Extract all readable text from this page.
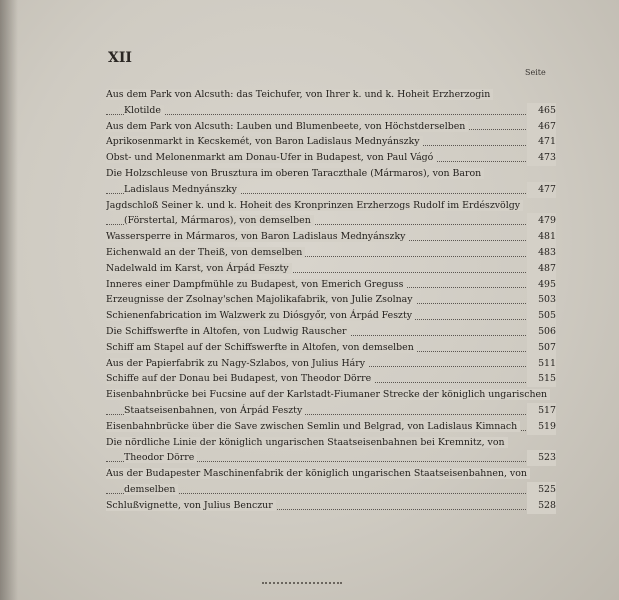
XII
Seite
Aus dem Park von Alcsuth: das Teichufer, von Ihrer k. und k. Hoheit Erzherzogin
Klotilde	465
Aus dem Park von Alcsuth: Lauben und Blumenbeete, von Höchstderselben	467
Aprikosenmarkt in Kecskemét, von Baron Ladislaus Mednyánszky	471
Obst- und Melonenmarkt am Donau-Ufer in Budapest, von Paul Vágó	473
Die Holzschleuse von Brusztura im oberen Taraczthale (Mármaros), von Baron
Ladislaus Mednyánszky	477
Jagdschloß Seiner k. und k. Hoheit des Kronprinzen Erzherzogs Rudolf im Erdészvölgy
(Förstertal, Mármaros), von demselben	479
Wassersperre in Mármaros, von Baron Ladislaus Mednyánszky	481
Eichenwald an der Theiß, von demselben	483
Nadelwald im Karst, von Árpád Feszty	487
Inneres einer Dampfmühle zu Budapest, von Emerich Greguss	495
Erzeugnisse der Zsolnay'schen Majolikafabrik, von Julie Zsolnay	503
Schienenfabrication im Walzwerk zu Diósgyőr, von Árpád Feszty	505
Die Schiffswerfte in Altofen, von Ludwig Rauscher	506
Schiff am Stapel auf der Schiffswerfte in Altofen, von demselben	507
Aus der Papierfabrik zu Nagy-Szlabos, von Julius Háry	511
Schiffe auf der Donau bei Budapest, von Theodor Dörre	515
Eisenbahnbrücke bei Fucsine auf der Karlstadt-Fiumaner Strecke der königlich ungarischen
Staatseisenbahnen, von Árpád Feszty	517
Eisenbahnbrücke über die Save zwischen Semlin und Belgrad, von Ladislaus Kimnach	519
Die nördliche Linie der königlich ungarischen Staatseisenbahnen bei Kremnitz, von
Theodor Dörre	523
Aus der Budapester Maschinenfabrik der königlich ungarischen Staatseisenbahnen, von
demselben	525
Schlußvignette, von Julius Benczur	528
